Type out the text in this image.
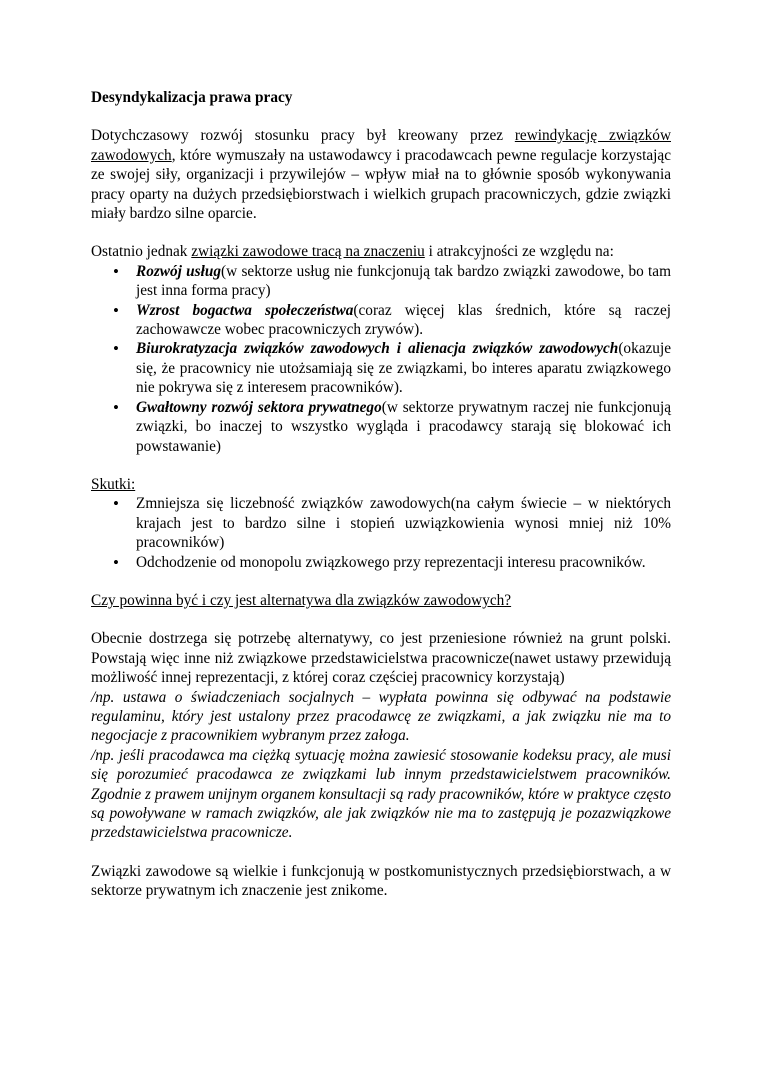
Desyndykalizacja prawa pracy

Dotychczasowy rozwój stosunku pracy był kreowany przez rewindykację związków zawodowych, które wymuszały na ustawodawcy i pracodawcach pewne regulacje korzystając ze swojej siły, organizacji i przywilejów – wpływ miał na to głównie sposób wykonywania pracy oparty na dużych przedsiębiorstwach i wielkich grupach pracowniczych, gdzie związki miały bardzo silne oparcie.

Ostatnio jednak związki zawodowe tracą na znaczeniu i atrakcyjności ze względu na:

• Rozwój usług(w sektorze usług nie funkcjonują tak bardzo związki zawodowe, bo tam jest inna forma pracy)
• Wzrost bogactwa społeczeństwa(coraz więcej klas średnich, które są raczej zachowawcze wobec pracowniczych zrywów).
• Biurokratyzacja związków zawodowych i alienacja związków zawodowych(okazuje się, że pracownicy nie utożsamiają się ze związkami, bo interes aparatu związkowego nie pokrywa się z interesem pracowników).
• Gwałtowny rozwój sektora prywatnego(w sektorze prywatnym raczej nie funkcjonują związki, bo inaczej to wszystko wygląda i pracodawcy starają się blokować ich powstawanie)

Skutki:

• Zmniejsza się liczebność związków zawodowych(na całym świecie – w niektórych krajach jest to bardzo silne i stopień uzwiązkowienia wynosi mniej niż 10% pracowników)
• Odchodzenie od monopolu związkowego przy reprezentacji interesu pracowników.

Czy powinna być i czy jest alternatywa dla związków zawodowych?

Obecnie dostrzega się potrzebę alternatywy, co jest przeniesione również na grunt polski. Powstają więc inne niż związkowe przedstawicielstwa pracownicze(nawet ustawy przewidują możliwość innej reprezentacji, z której coraz częściej pracownicy korzystają)

/np. ustawa o świadczeniach socjalnych – wypłata powinna się odbywać na podstawie regulaminu, który jest ustalony przez pracodawcę ze związkami, a jak związku nie ma to negocjacje z pracownikiem wybranym przez załoga.

/np. jeśli pracodawca ma ciężką sytuację można zawiesić stosowanie kodeksu pracy, ale musi się porozumieć pracodawca ze związkami lub innym przedstawicielstwem pracowników. Zgodnie z prawem unijnym organem konsultacji są rady pracowników, które w praktyce często są powoływane w ramach związków, ale jak związków nie ma to zastępują je pozazwiązkowe przedstawicielstwa pracownicze.

Związki zawodowe są wielkie i funkcjonują w postkomunistycznych przedsiębiorstwach, a w sektorze prywatnym ich znaczenie jest znikome.
